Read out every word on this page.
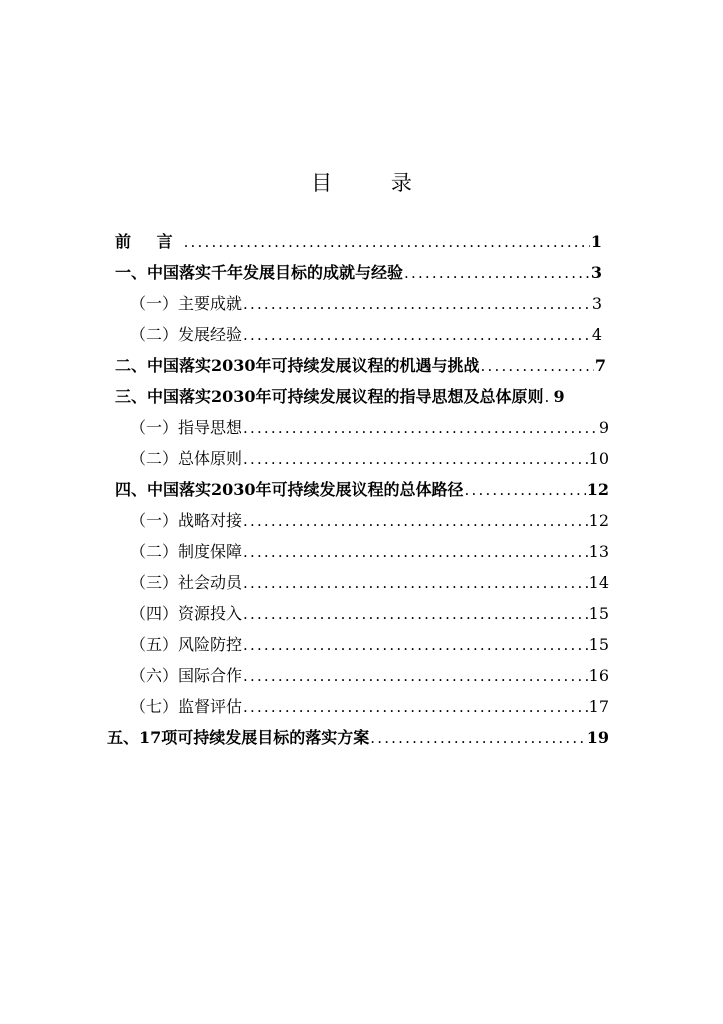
目 录
前 言 .....	1
一、中国落实千年发展目标的成就与经验 .....	3
（一）主要成就 .....	3
（二）发展经验 .....	4
二、中国落实2030年可持续发展议程的机遇与挑战 .....	7
三、中国落实2030年可持续发展议程的指导思想及总体原则 ..... 9
（一）指导思想 .....	9
（二）总体原则 .....	10
四、中国落实2030年可持续发展议程的总体路径 .....	12
（一）战略对接 .....	12
（二）制度保障 .....	13
（三）社会动员 .....	14
（四）资源投入 .....	15
（五）风险防控 .....	15
（六）国际合作 .....	16
（七）监督评估 .....	17
五、17项可持续发展目标的落实方案 .....	19
